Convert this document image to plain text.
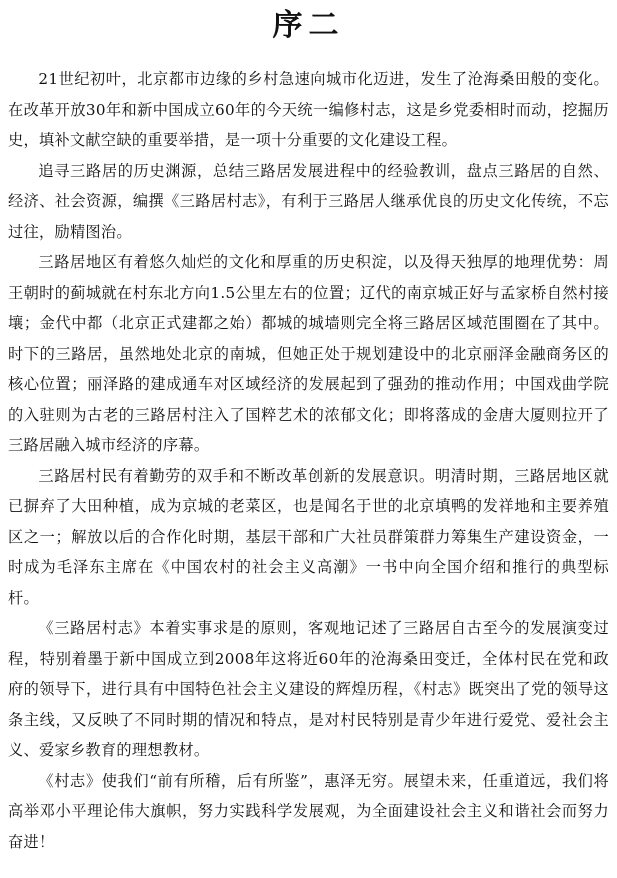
序二

21世纪初叶，北京都市边缘的乡村急速向城市化迈进，发生了沧海桑田般的变化。在改革开放30年和新中国成立60年的今天统一编修村志，这是乡党委相时而动，挖掘历史，填补文献空缺的重要举措，是一项十分重要的文化建设工程。

追寻三路居的历史渊源，总结三路居发展进程中的经验教训，盘点三路居的自然、经济、社会资源，编撰《三路居村志》，有利于三路居人继承优良的历史文化传统，不忘过往，励精图治。

三路居地区有着悠久灿烂的文化和厚重的历史积淀，以及得天独厚的地理优势：周王朝时的蓟城就在村东北方向1.5公里左右的位置；辽代的南京城正好与孟家桥自然村接壤；金代中都（北京正式建都之始）都城的城墙则完全将三路居区域范围圈在了其中。时下的三路居，虽然地处北京的南城，但她正处于规划建设中的北京丽泽金融商务区的核心位置；丽泽路的建成通车对区域经济的发展起到了强劲的推动作用；中国戏曲学院的入驻则为古老的三路居村注入了国粹艺术的浓郁文化；即将落成的金唐大厦则拉开了三路居融入城市经济的序幕。

三路居村民有着勤劳的双手和不断改革创新的发展意识。明清时期，三路居地区就已摒弃了大田种植，成为京城的老菜区，也是闻名于世的北京填鸭的发祥地和主要养殖区之一；解放以后的合作化时期，基层干部和广大社员群策群力筹集生产建设资金，一时成为毛泽东主席在《中国农村的社会主义高潮》一书中向全国介绍和推行的典型标杆。

《三路居村志》本着实事求是的原则，客观地记述了三路居自古至今的发展演变过程，特别着墨于新中国成立到2008年这将近60年的沧海桑田变迁，全体村民在党和政府的领导下，进行具有中国特色社会主义建设的辉煌历程，《村志》既突出了党的领导这条主线，又反映了不同时期的情况和特点，是对村民特别是青少年进行爱党、爱社会主义、爱家乡教育的理想教材。

《村志》使我们“前有所稽，后有所鉴”，惠泽无穷。展望未来，任重道远，我们将高举邓小平理论伟大旗帜，努力实践科学发展观，为全面建设社会主义和谐社会而努力奋进！
